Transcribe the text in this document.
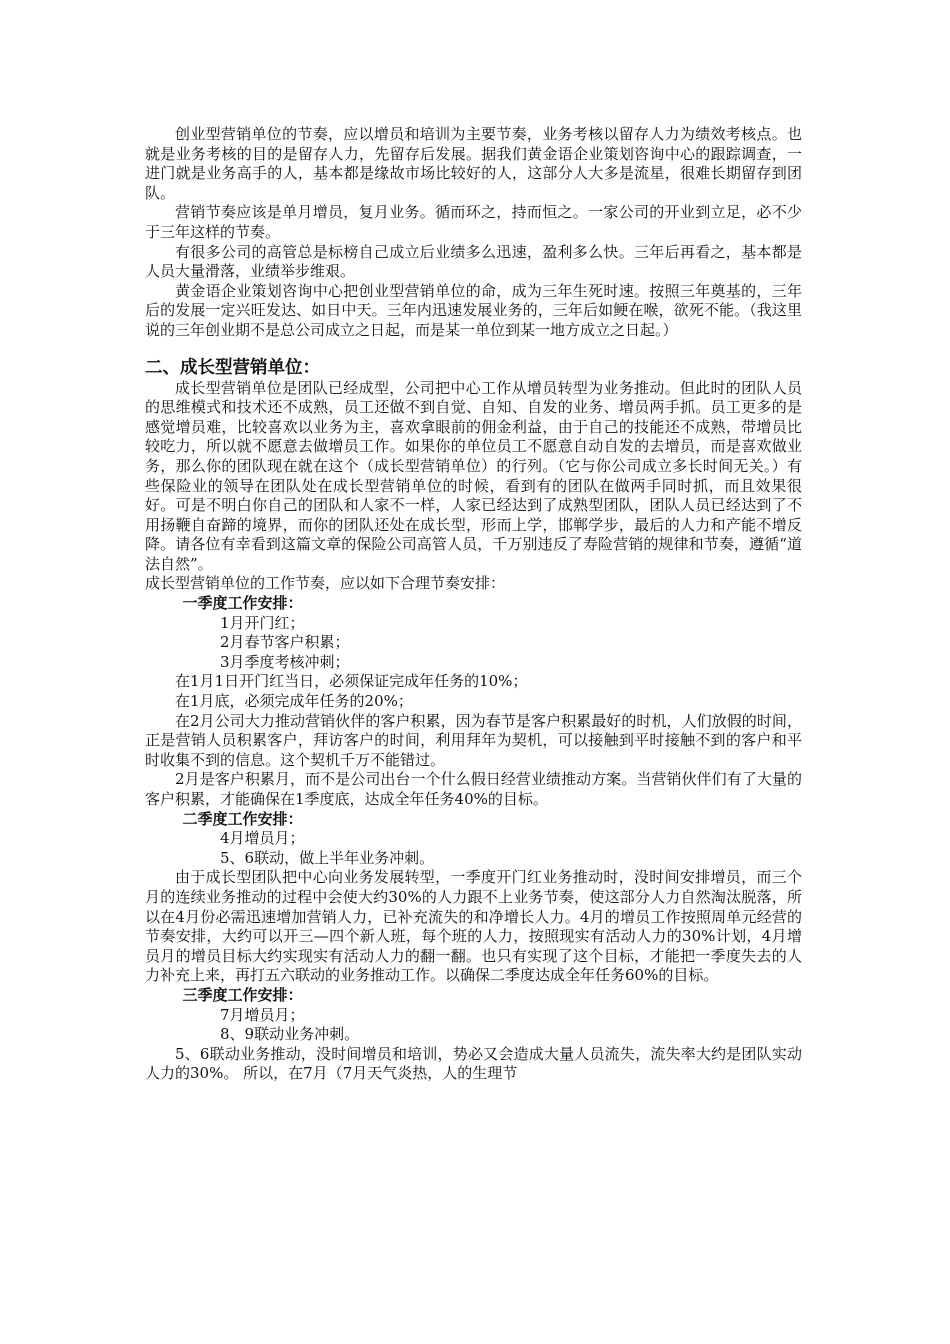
创业型营销单位的节奏，应以增员和培训为主要节奏，业务考核以留存人力为绩效考核点。也就是业务考核的目的是留存人力，先留存后发展。据我们黄金语企业策划咨询中心的跟踪调查，一进门就是业务高手的人，基本都是缘故市场比较好的人，这部分人大多是流星，很难长期留存到团队。

营销节奏应该是单月增员，复月业务。循而环之，持而恒之。一家公司的开业到立足，必不少于三年这样的节奏。

有很多公司的高管总是标榜自己成立后业绩多么迅速，盈利多么快。三年后再看之，基本都是人员大量滑落，业绩举步维艰。

黄金语企业策划咨询中心把创业型营销单位的命，成为三年生死时速。按照三年奠基的，三年后的发展一定兴旺发达、如日中天。三年内迅速发展业务的，三年后如鲠在喉，欲死不能。（我这里说的三年创业期不是总公司成立之日起，而是某一单位到某一地方成立之日起。）

二、成长型营销单位：

成长型营销单位是团队已经成型，公司把中心工作从增员转型为业务推动。但此时的团队人员的思维模式和技术还不成熟，员工还做不到自觉、自知、自发的业务、增员两手抓。员工更多的是感觉增员难，比较喜欢以业务为主，喜欢拿眼前的佣金利益，由于自己的技能还不成熟，带增员比较吃力，所以就不愿意去做增员工作。如果你的单位员工不愿意自动自发的去增员，而是喜欢做业务，那么你的团队现在就在这个（成长型营销单位）的行列。（它与你公司成立多长时间无关。）有些保险业的领导在团队处在成长型营销单位的时候，看到有的团队在做两手同时抓，而且效果很好。可是不明白你自己的团队和人家不一样，人家已经达到了成熟型团队，团队人员已经达到了不用扬鞭自奋蹄的境界，而你的团队还处在成长型，形而上学，邯郸学步，最后的人力和产能不增反降。请各位有幸看到这篇文章的保险公司高管人员，千万别违反了寿险营销的规律和节奏，遵循“道法自然”。

成长型营销单位的工作节奏，应以如下合理节奏安排：

一季度工作安排：

1月开门红；

2月春节客户积累；

3月季度考核冲刺；

在1月1日开门红当日，必须保证完成年任务的10%；

在1月底，必须完成年任务的20%；

在2月公司大力推动营销伙伴的客户积累，因为春节是客户积累最好的时机，人们放假的时间，正是营销人员积累客户，拜访客户的时间，利用拜年为契机，可以接触到平时接触不到的客户和平时收集不到的信息。这个契机千万不能错过。

2月是客户积累月，而不是公司出台一个什么假日经营业绩推动方案。当营销伙伴们有了大量的客户积累，才能确保在1季度底，达成全年任务40%的目标。

二季度工作安排：

4月增员月；

5、6联动，做上半年业务冲刺。

由于成长型团队把中心向业务发展转型，一季度开门红业务推动时，没时间安排增员，而三个月的连续业务推动的过程中会使大约30%的人力跟不上业务节奏，使这部分人力自然淘汰脱落，所以在4月份必需迅速增加营销人力，已补充流失的和净增长人力。4月的增员工作按照周单元经营的节奏安排，大约可以开三—四个新人班，每个班的人力，按照现实有活动人力的30%计划，4月增员月的增员目标大约实现实有活动人力的翻一翻。也只有实现了这个目标，才能把一季度失去的人力补充上来，再打五六联动的业务推动工作。以确保二季度达成全年任务60%的目标。

三季度工作安排：

7月增员月；

8、9联动业务冲刺。

5、6联动业务推动，没时间增员和培训，势必又会造成大量人员流失，流失率大约是团队实动人力的30%。 所以，在7月（7月天气炎热，人的生理节
